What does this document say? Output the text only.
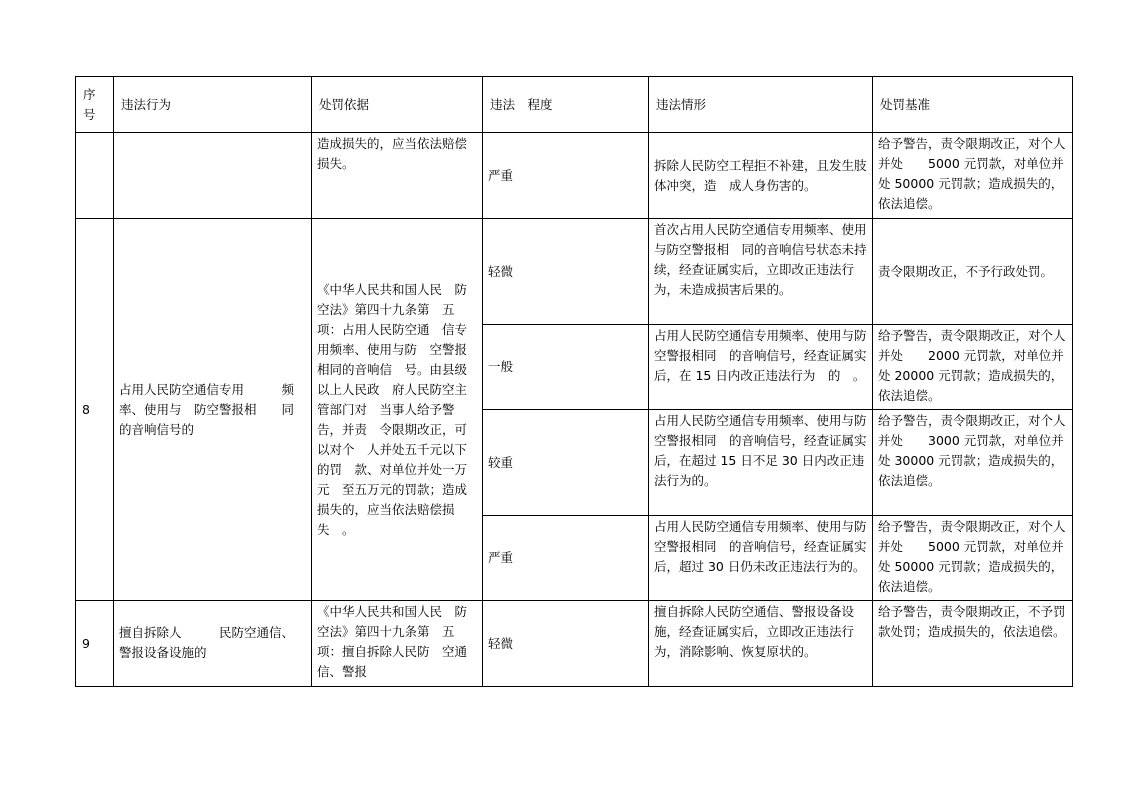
序
号	违法行为	处罚依据	违法　程度	违法情形	处罚基准
		造成损失的，应当依法赔偿损失。	严重	拆除人民防空工程拒不补建，且发生肢体冲突，造　成人身伤害的。	给予警告，责令限期改正，对个人并处　　5000 元罚款，对单位并处 50000 元罚款；造成损失的，依法追偿。
8	占用人民防空通信专用　　　频率、使用与　防空警报相　　同的音响信号的	《中华人民共和国人民　防空法》第四十九条第　五项：占用人民防空通　信专用频率、使用与防　空警报相同的音响信　号。由县级以上人民政　府人民防空主管部门对　当事人给予警告，并责　令限期改正，可以对个　人并处五千元以下的罚　款、对单位并处一万元　至五万元的罚款；造成　损失的，应当依法赔偿损　失　。	轻微	首次占用人民防空通信专用频率、使用与防空警报相　同的音响信号状态未持续，经查证属实后，立即改正违法行为，未造成损害后果的。	责令限期改正，不予行政处罚。
			一般	占用人民防空通信专用频率、使用与防空警报相同　的音响信号，经查证属实后，在 15 日内改正违法行为　的　。	给予警告，责令限期改正，对个人并处　　2000 元罚款，对单位并处 20000 元罚款；造成损失的，依法追偿。
			较重	占用人民防空通信专用频率、使用与防空警报相同　的音响信号，经查证属实后，在超过 15 日不足 30 日内改正违法行为的。	给予警告，责令限期改正，对个人并处　　3000 元罚款，对单位并处 30000 元罚款；造成损失的，依法追偿。
			严重	占用人民防空通信专用频率、使用与防空警报相同　的音响信号，经查证属实后，超过 30 日仍未改正违法行为的。	给予警告，责令限期改正，对个人并处　　5000 元罚款，对单位并处 50000 元罚款；造成损失的，依法追偿。
9	擅自拆除人　　　民防空通信、　警报设备设施的	《中华人民共和国人民　防空法》第四十九条第　五项：擅自拆除人民防　空通信、警报	轻微	擅自拆除人民防空通信、警报设备设施，经查证属实后，立即改正违法行为，消除影响、恢复原状的。	给予警告，责令限期改正，不予罚款处罚；造成损失的，依法追偿。
